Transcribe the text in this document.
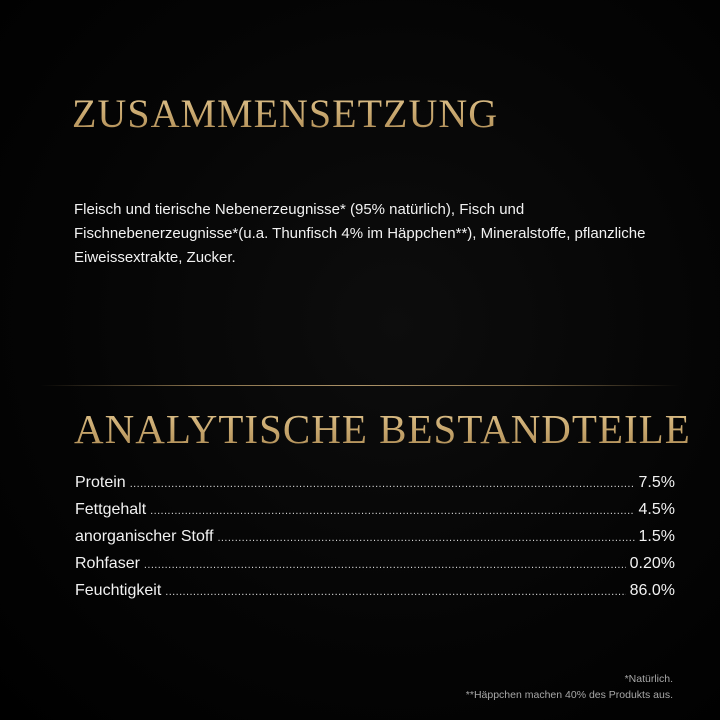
ZUSAMMENSETZUNG

Fleisch und tierische Nebenerzeugnisse* (95% natürlich), Fisch und Fischnebenerzeugnisse*(u.a. Thunfisch 4% im Häppchen**), Mineralstoffe, pflanzliche Eiweissextrakte, Zucker.

ANALYTISCHE BESTANDTEILE
Protein .....	7.5%
Fettgehalt .....	4.5%
anorganischer Stoff .....	1.5%
Rohfaser .....	0.20%
Feuchtigkeit .....	86.0%
*Natürlich.
**Häppchen machen 40% des Produkts aus.
